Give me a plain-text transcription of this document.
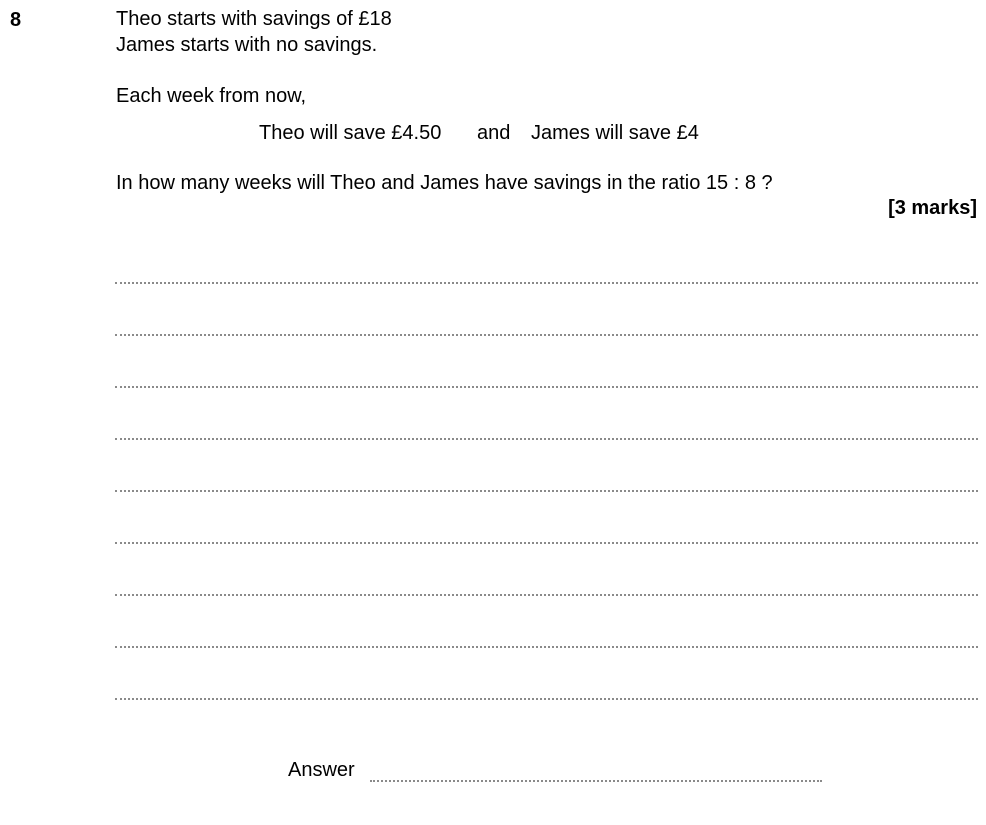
8	Theo starts with savings of £18
James starts with no savings.
Each week from now,
Theo will save £4.50 and James will save £4
In how many weeks will Theo and James have savings in the ratio 15 : 8 ?
[3 marks]
Answer
